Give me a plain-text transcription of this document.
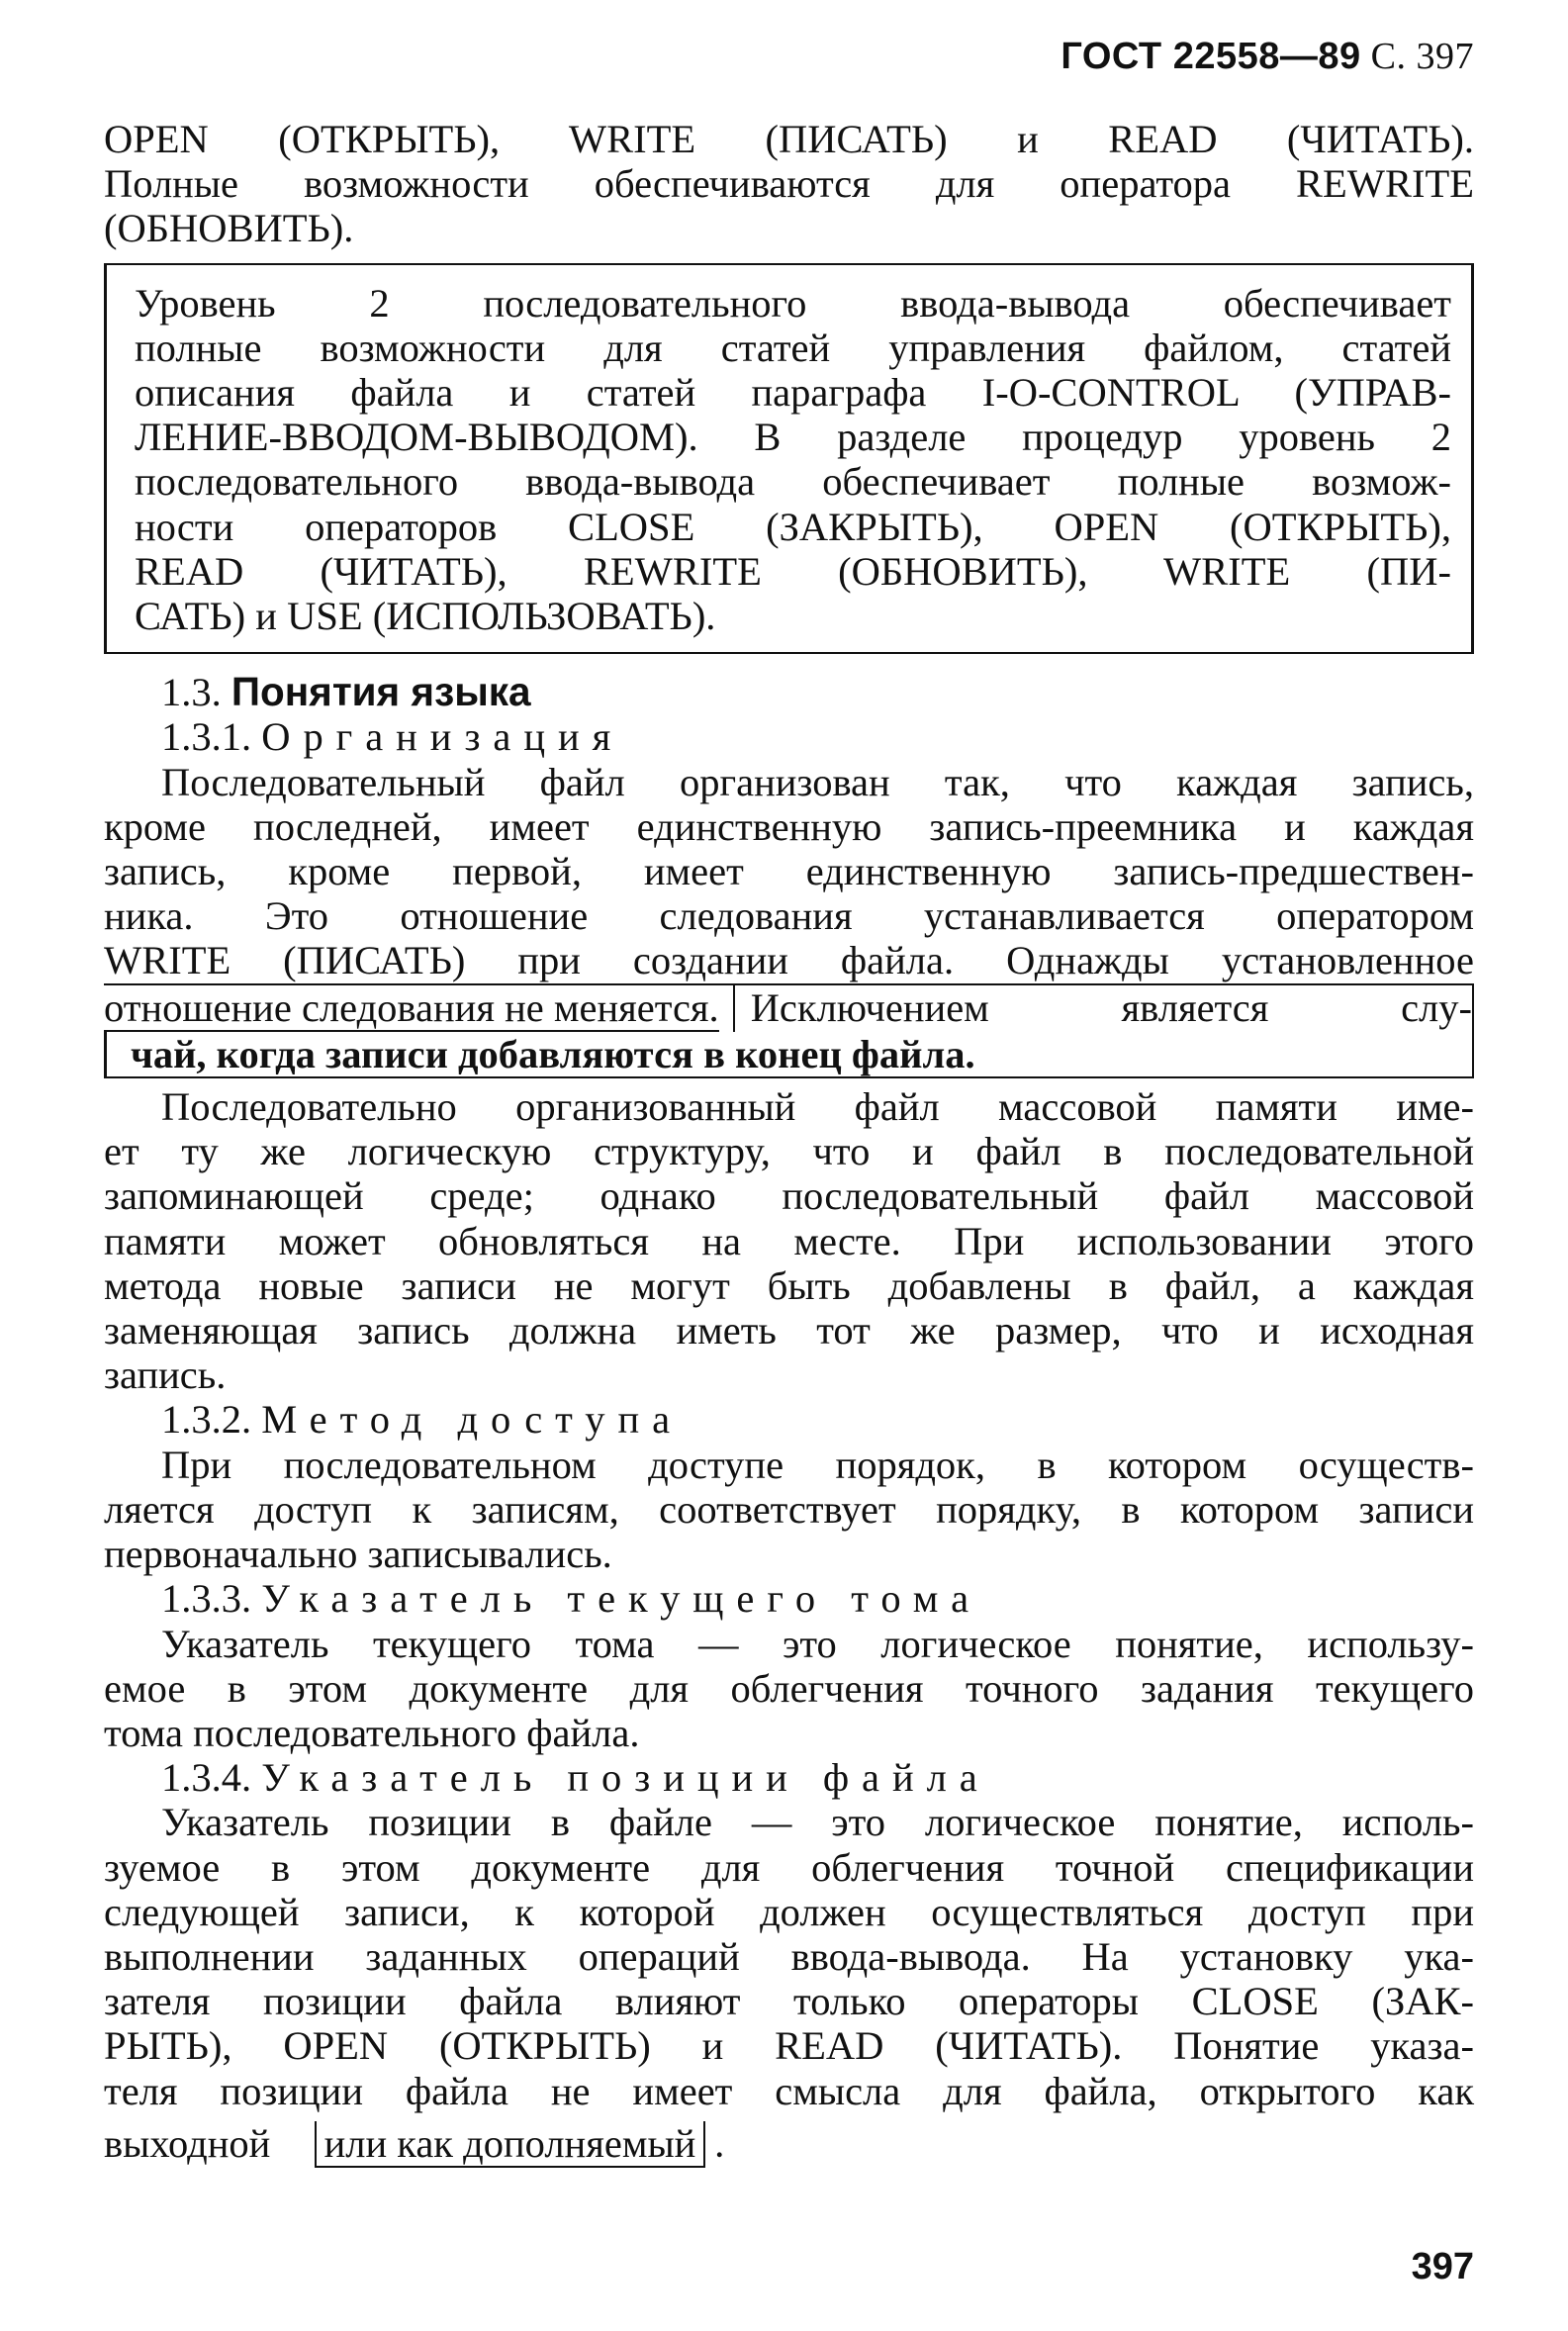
ГОСТ 22558—89 С. 397
OPEN (ОТКРЫТЬ), WRITE (ПИСАТЬ) и READ (ЧИТАТЬ).
Полные возможности обеспечиваются для оператора REWRITE
(ОБНОВИТЬ).
Уровень 2 последовательного ввода-вывода обеспечивает
полные возможности для статей управления файлом, статей
описания файла и статей параграфа I-O-CONTROL (УПРАВ-
ЛЕНИЕ-ВВОДОМ-ВЫВОДОМ). В разделе процедур уровень 2
последовательного ввода-вывода обеспечивает полные возмож-
ности операторов CLOSE (ЗАКРЫТЬ), OPEN (ОТКРЫТЬ),
READ (ЧИТАТЬ), REWRITE (ОБНОВИТЬ), WRITE (ПИ-
САТЬ) и USE (ИСПОЛЬЗОВАТЬ).
1.3. Понятия языка
1.3.1. Организация
Последовательный файл организован так, что каждая запись,
кроме последней, имеет единственную запись-преемника и каждая
запись, кроме первой, имеет единственную запись-предшествен-
ника. Это отношение следования устанавливается оператором
WRITE (ПИСАТЬ) при создании файла. Однажды установленное
отношение следования не меняется. Исключением является слу-
чай, когда записи добавляются в конец файла.
Последовательно организованный файл массовой памяти име-
ет ту же логическую структуру, что и файл в последовательной
запоминающей среде; однако последовательный файл массовой
памяти может обновляться на месте. При использовании этого
метода новые записи не могут быть добавлены в файл, а каждая
заменяющая запись должна иметь тот же размер, что и исходная
запись.
1.3.2. Метод доступа
При последовательном доступе порядок, в котором осуществ-
ляется доступ к записям, соответствует порядку, в котором записи
первоначально записывались.
1.3.3. Указатель текущего тома
Указатель текущего тома — это логическое понятие, использу-
емое в этом документе для облегчения точного задания текущего
тома последовательного файла.
1.3.4. Указатель позиции файла
Указатель позиции в файле — это логическое понятие, исполь-
зуемое в этом документе для облегчения точной спецификации
следующей записи, к которой должен осуществляться доступ при
выполнении заданных операций ввода-вывода. На установку ука-
зателя позиции файла влияют только операторы CLOSE (ЗАК-
РЫТЬ), OPEN (ОТКРЫТЬ) и READ (ЧИТАТЬ). Понятие указа-
теля позиции файла не имеет смысла для файла, открытого как
выходной или как дополняемый .
397
